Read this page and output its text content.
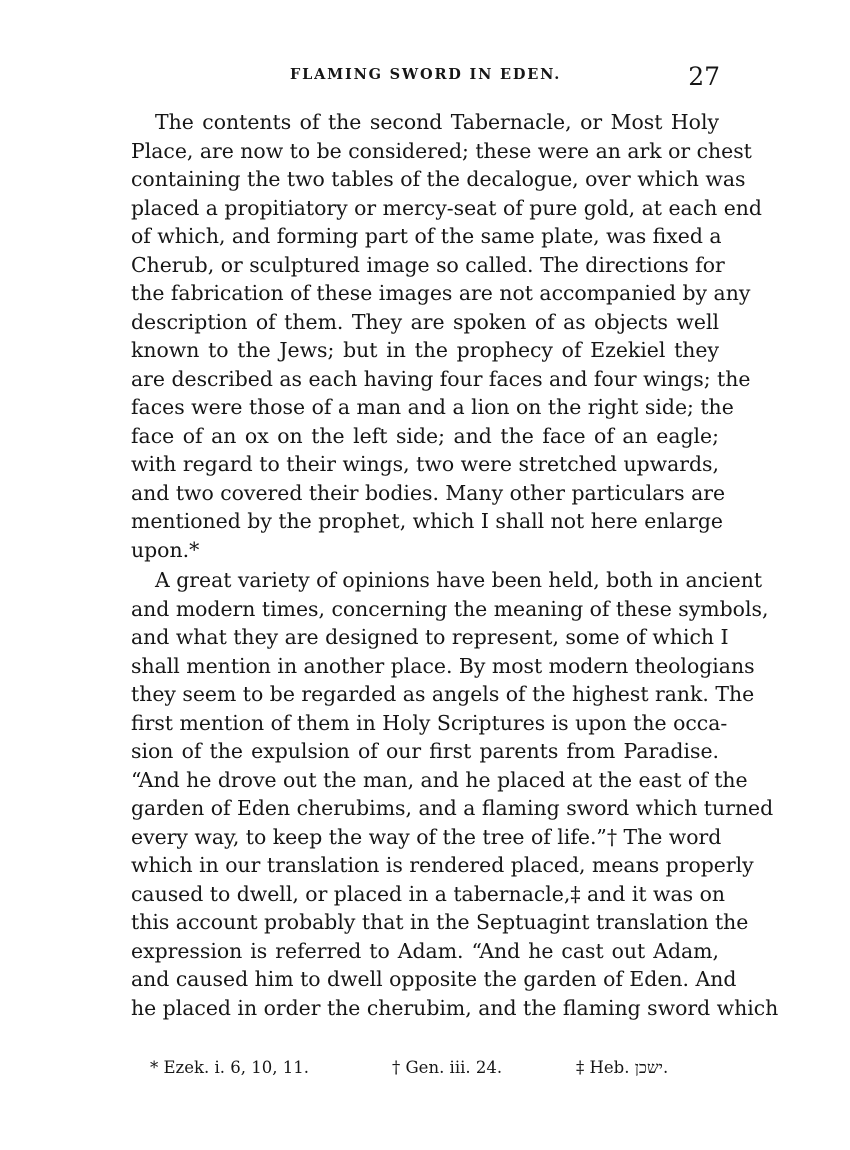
FLAMING SWORD IN EDEN.	27
The contents of the second Tabernacle, or Most Holy
Place, are now to be considered; these were an ark or chest
containing the two tables of the decalogue, over which was
placed a propitiatory or mercy-seat of pure gold, at each end
of which, and forming part of the same plate, was fixed a
Cherub, or sculptured image so called. The directions for
the fabrication of these images are not accompanied by any
description of them. They are spoken of as objects well
known to the Jews; but in the prophecy of Ezekiel they
are described as each having four faces and four wings; the
faces were those of a man and a lion on the right side; the
face of an ox on the left side; and the face of an eagle;
with regard to their wings, two were stretched upwards,
and two covered their bodies. Many other particulars are
mentioned by the prophet, which I shall not here enlarge
upon.*
A great variety of opinions have been held, both in ancient
and modern times, concerning the meaning of these symbols,
and what they are designed to represent, some of which I
shall mention in another place. By most modern theologians
they seem to be regarded as angels of the highest rank. The
first mention of them in Holy Scriptures is upon the occa-
sion of the expulsion of our first parents from Paradise.
“And he drove out the man, and he placed at the east of the
garden of Eden cherubims, and a flaming sword which turned
every way, to keep the way of the tree of life.”† The word
which in our translation is rendered placed, means properly
caused to dwell, or placed in a tabernacle,‡ and it was on
this account probably that in the Septuagint translation the
expression is referred to Adam. “And he cast out Adam,
and caused him to dwell opposite the garden of Eden. And
he placed in order the cherubim, and the flaming sword which
* Ezek. i. 6, 10, 11.	† Gen. iii. 24.	‡ Heb. ישכן.
